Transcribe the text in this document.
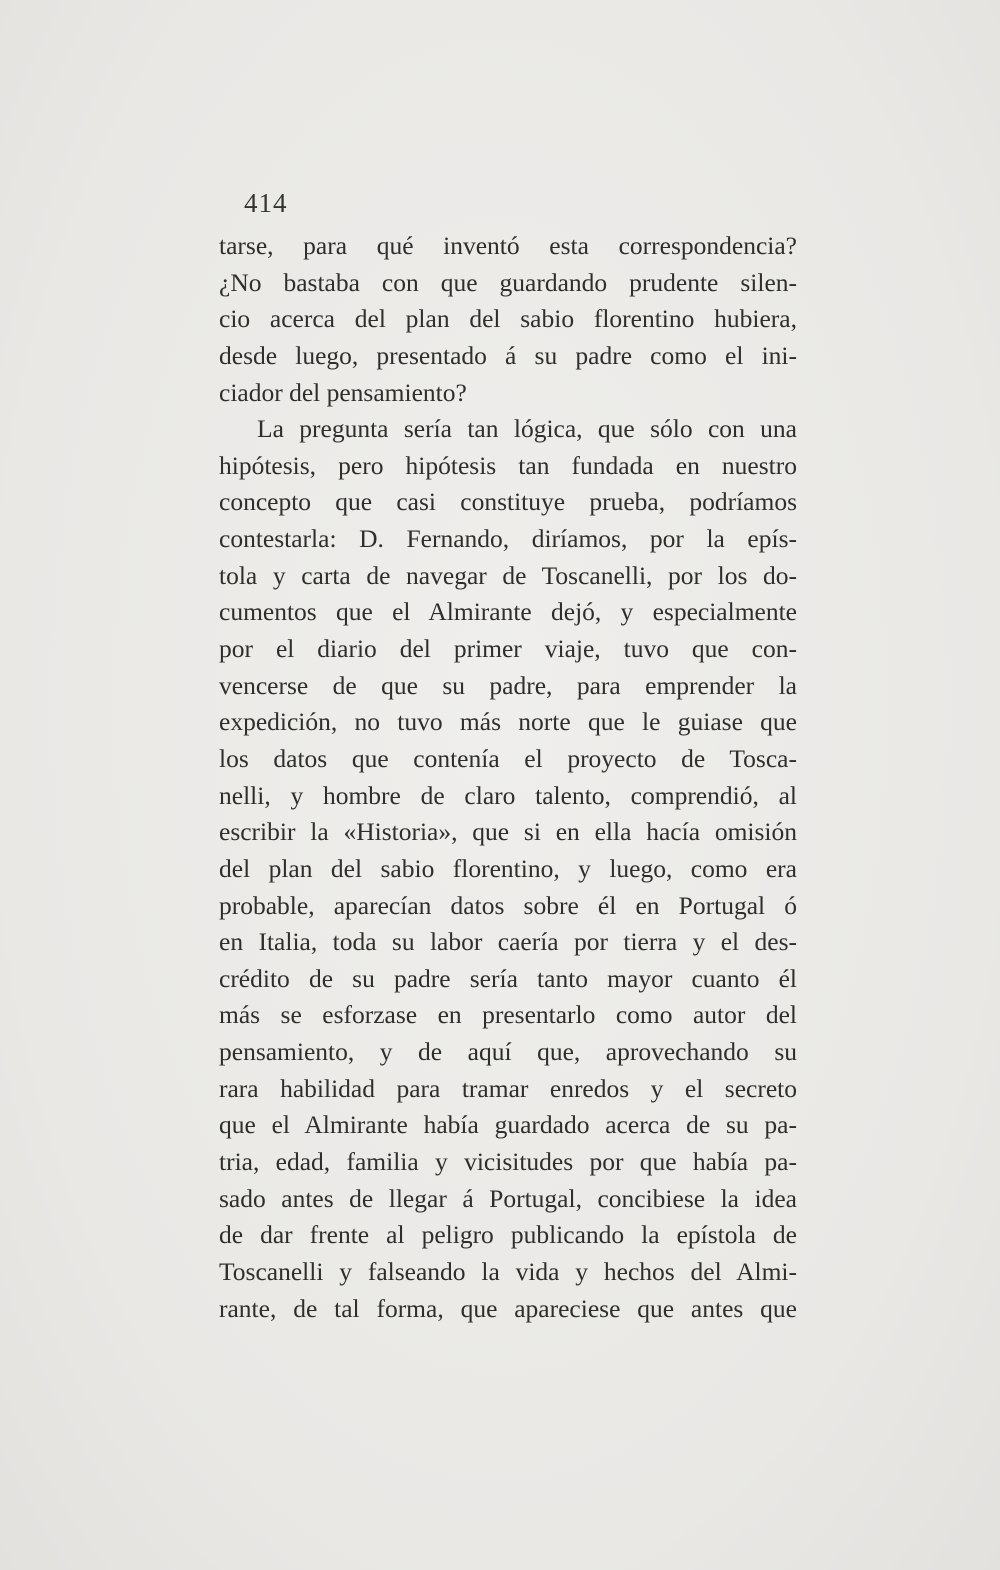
414
tarse, para qué inventó esta correspondencia?
¿No bastaba con que guardando prudente silen-
cio acerca del plan del sabio florentino hubiera,
desde luego, presentado á su padre como el ini-
ciador del pensamiento?
La pregunta sería tan lógica, que sólo con una
hipótesis, pero hipótesis tan fundada en nuestro
concepto que casi constituye prueba, podríamos
contestarla: D. Fernando, diríamos, por la epís-
tola y carta de navegar de Toscanelli, por los do-
cumentos que el Almirante dejó, y especialmente
por el diario del primer viaje, tuvo que con-
vencerse de que su padre, para emprender la
expedición, no tuvo más norte que le guiase que
los datos que contenía el proyecto de Tosca-
nelli, y hombre de claro talento, comprendió, al
escribir la «Historia», que si en ella hacía omisión
del plan del sabio florentino, y luego, como era
probable, aparecían datos sobre él en Portugal ó
en Italia, toda su labor caería por tierra y el des-
crédito de su padre sería tanto mayor cuanto él
más se esforzase en presentarlo como autor del
pensamiento, y de aquí que, aprovechando su
rara habilidad para tramar enredos y el secreto
que el Almirante había guardado acerca de su pa-
tria, edad, familia y vicisitudes por que había pa-
sado antes de llegar á Portugal, concibiese la idea
de dar frente al peligro publicando la epístola de
Toscanelli y falseando la vida y hechos del Almi-
rante, de tal forma, que apareciese que antes que
